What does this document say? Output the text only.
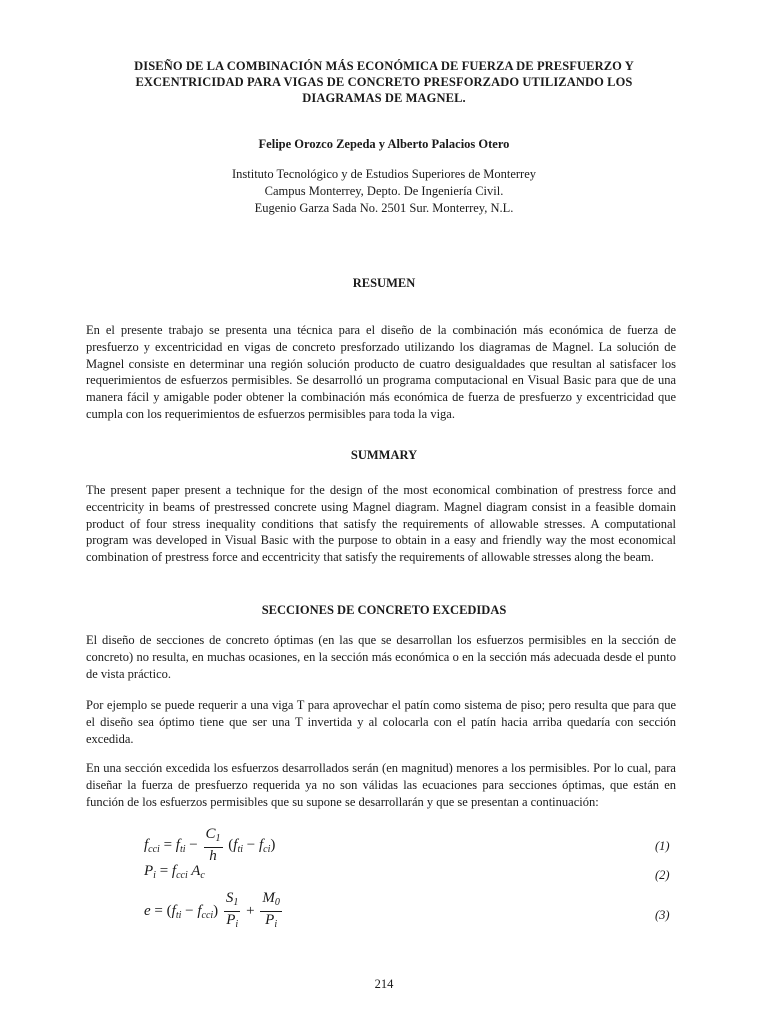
DISEÑO DE LA COMBINACIÓN MÁS ECONÓMICA DE FUERZA DE PRESFUERZO Y
EXCENTRICIDAD PARA VIGAS DE CONCRETO PRESFORZADO UTILIZANDO LOS
DIAGRAMAS DE MAGNEL.
Felipe Orozco Zepeda y Alberto Palacios Otero
Instituto Tecnológico y de Estudios Superiores de Monterrey
Campus Monterrey, Depto. De Ingeniería Civil.
Eugenio Garza Sada No. 2501 Sur. Monterrey, N.L.
RESUMEN
En el presente trabajo se presenta una técnica para el diseño de la combinación más económica de fuerza de presfuerzo y excentricidad en vigas de concreto presforzado utilizando los diagramas de Magnel. La solución de Magnel consiste en determinar una región solución producto de cuatro desigualdades que resultan al satisfacer los requerimientos de esfuerzos permisibles. Se desarrolló un programa computacional en Visual Basic para que de una manera fácil y amigable poder obtener la combinación más económica de fuerza de presfuerzo y excentricidad que cumpla con los requerimientos de esfuerzos permisibles para toda la viga.
SUMMARY
The present paper present a technique for the design of the most economical combination of prestress force and eccentricity in beams of prestressed concrete using Magnel diagram. Magnel diagram consist in a feasible domain product of four stress inequality conditions that satisfy the requirements of allowable stresses. A computational program was developed in Visual Basic with the purpose to obtain in a easy and friendly way the most economical combination of prestress force and eccentricity that satisfy the requirements of allowable stresses along the beam.
SECCIONES DE CONCRETO EXCEDIDAS
El diseño de secciones de concreto óptimas (en las que se desarrollan los esfuerzos permisibles en la sección de concreto) no resulta, en muchas ocasiones, en la sección más económica o en la sección más adecuada desde el punto de vista práctico.
Por ejemplo se puede requerir a una viga T para aprovechar el patín como sistema de piso; pero resulta que para que el diseño sea óptimo tiene que ser una T invertida y al colocarla con el patín hacia arriba quedaría con sección excedida.
En una sección excedida los esfuerzos desarrollados serán (en magnitud) menores a los permisibles. Por lo cual, para diseñar la fuerza de presfuerzo requerida ya no son válidas las ecuaciones para secciones óptimas, que están en función de los esfuerzos permisibles que su supone se desarrollarán y que se presentan a continuación:
$f_{cci} = f_{ti} - \frac{C_1}{h} (f_{ti} - f_{ci})$	(1)
$P_i = f_{cci}$ $A_c$	(2)
$e = (f_{ti} - f_{cci}) \frac{S_1}{P_i} + \frac{M_0}{P_i}$	(3)
214
